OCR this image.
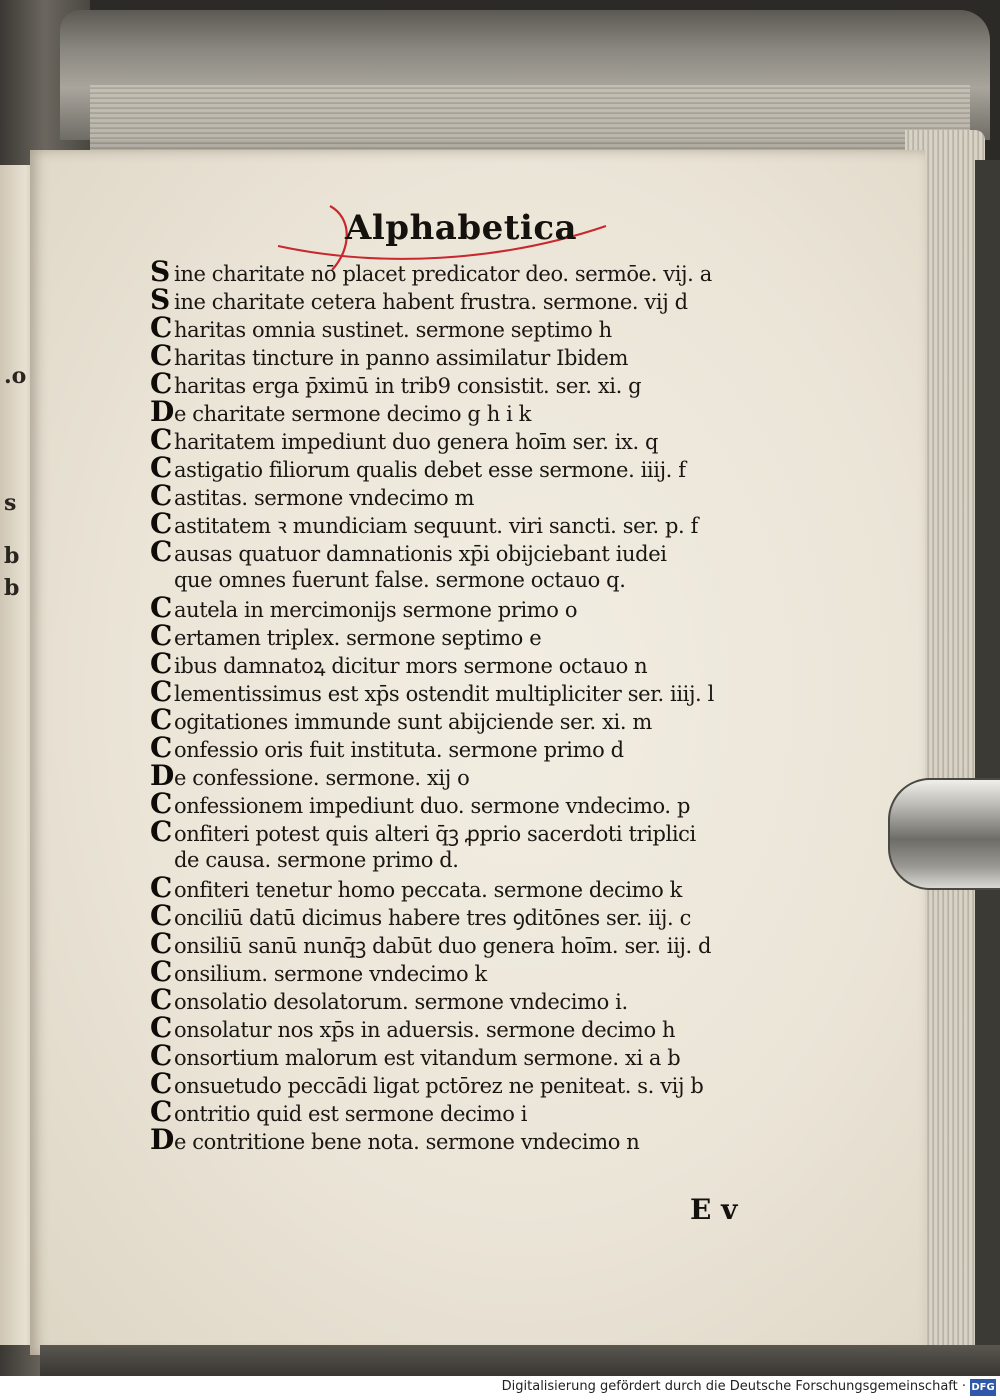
.o
s
b
b
Alphabetica
S ine charitate nō placet predicator deo. sermōe. vij. a
S ine charitate cetera habent frustra. sermone. vij d
C haritas omnia sustinet. sermone septimo h
C haritas tincture in panno assimilatur Ibidem
C haritas erga p̄ximū in trib9 consistit. ser. xi. g
D e charitate sermone decimo g h i k
C haritatem impediunt duo genera hoīm ser. ix. q
C astigatio filiorum qualis debet esse sermone. iiij. f
C astitas. sermone vndecimo m
C astitatem ꝛ mundiciam sequunt. viri sancti. ser. p. f
C ausas quatuor damnationis xp̄i obijciebant iudei
que omnes fuerunt false. sermone octauo q.
C autela in mercimonijs sermone primo o
C ertamen triplex. sermone septimo e
C ibus damnatoꝝ dicitur mors sermone octauo n
C lementissimus est xp̄s ostendit multipliciter ser. iiij. l
C ogitationes immunde sunt abijciende ser. xi. m
C onfessio oris fuit instituta. sermone primo d
D e confessione. sermone. xij o
C onfessionem impediunt duo. sermone vndecimo. p
C onfiteri potest quis alteri q̄ꝫ ꝓprio sacerdoti triplici
de causa. sermone primo d.
C onfiteri tenetur homo peccata. sermone decimo k
C onciliū datū dicimus habere tres ꝯditōnes ser. iij. c
C onsiliū sanū nunq̄ꝫ dabūt duo genera hoīm. ser. iij. d
C onsilium. sermone vndecimo k
C onsolatio desolatorum. sermone vndecimo i.
C onsolatur nos xp̄s in aduersis. sermone decimo h
C onsortium malorum est vitandum sermone. xi a b
C onsuetudo peccādi ligat pctōrez ne peniteat. s. vij b
C ontritio quid est sermone decimo i
D e contritione bene nota. sermone vndecimo n
E v
Digitalisierung gefördert durch die Deutsche Forschungsgemeinschaft · DFG
